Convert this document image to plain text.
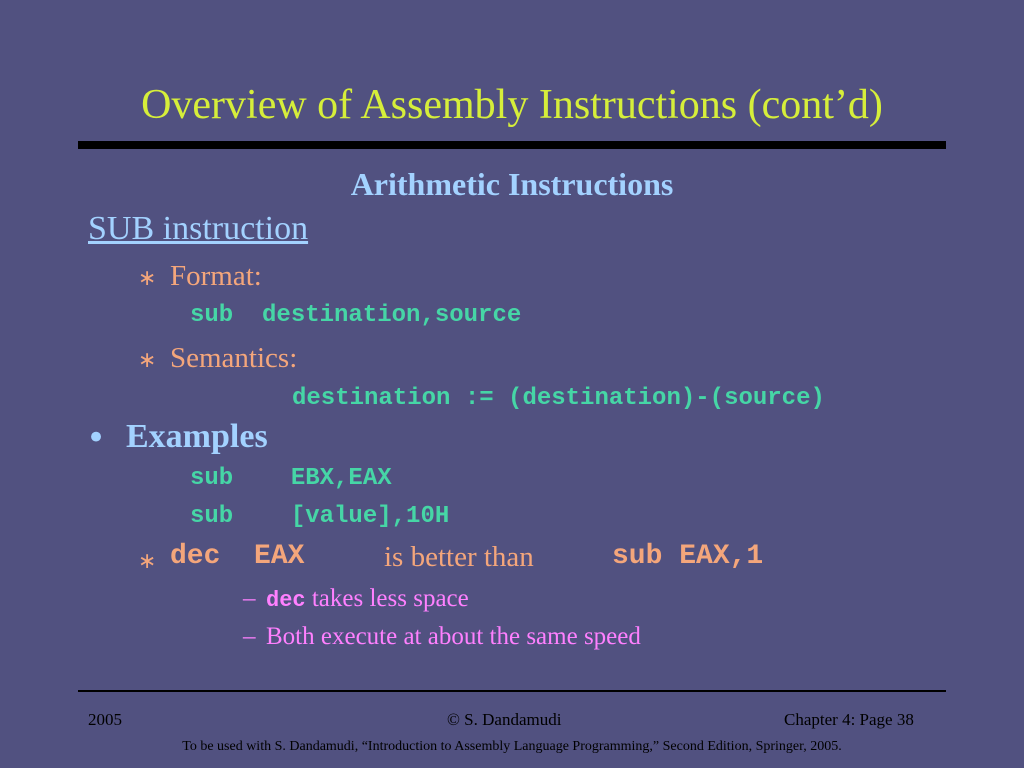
Overview of Assembly Instructions (cont’d)
Arithmetic Instructions
SUB instruction
∗ Format:
sub  destination,source
∗ Semantics:
destination := (destination)-(source)
• Examples
sub    EBX,EAX
sub    [value],10H
∗ dec  EAX	is better than	sub EAX,1
– dec takes less space
– Both execute at about the same speed
2005	© S. Dandamudi	Chapter 4: Page 38
To be used with S. Dandamudi, “Introduction to Assembly Language Programming,” Second Edition, Springer, 2005.
